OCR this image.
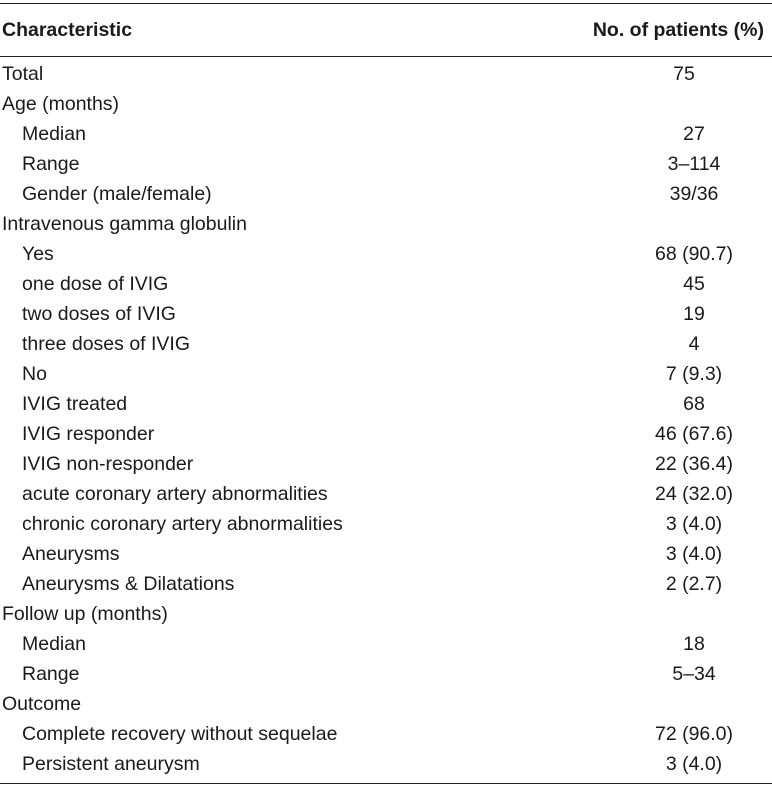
Characteristic	No. of patients (%)
Total	75
Age (months)
Median	27
Range	3–114
Gender (male/female)	39/36
Intravenous gamma globulin
Yes	68 (90.7)
one dose of IVIG	45
two doses of IVIG	19
three doses of IVIG	4
No	7 (9.3)
IVIG treated	68
IVIG responder	46 (67.6)
IVIG non-responder	22 (36.4)
acute coronary artery abnormalities	24 (32.0)
chronic coronary artery abnormalities	3 (4.0)
Aneurysms	3 (4.0)
Aneurysms & Dilatations	2 (2.7)
Follow up (months)
Median	18
Range	5–34
Outcome
Complete recovery without sequelae	72 (96.0)
Persistent aneurysm	3 (4.0)
